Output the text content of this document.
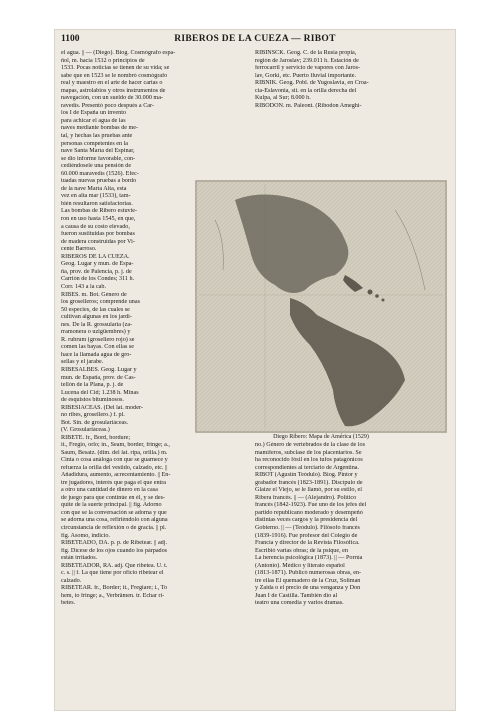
1100	RIBEROS DE LA CUEZA — RIBOT
el agua. || — (Diego). Biog. Cosmógrafo espa-
ñol, m. hacia 1532 o principios de
1533. Pocas noticias se tienen de su vida; se
sabe que en 1523 se le nombró cosmógrafo
real y maestro en el arte de hacer cartas o
mapas, astrolabios y otros instrumentos de
navegación, con un sueldo de 30.000 ma-
ravedís. Presentó poco después a Car-
los I de España un invento
para achicar el agua de las
naves mediante bombas de me-
tal, y hechas las pruebas ante
personas competentes en la
nave Santa María del Espinar,
se dio informe favorable, con-
cediéndosele una pensión de
60.000 maravedís (1526). Efec-
tuadas nuevas pruebas a bordo
de la nave María Alta, esta
vez en alta mar (1533), tam-
bién resultaron satisfactorias.
Las bombas de Ribero estuvie-
ron en uso hasta 1545, en que,
a causa de su costo elevado,
fueron sustituidas por bombas
de madera construidas por Vi-
cente Barroso.
RIBEROS DE LA CUEZA.
Geog. Lugar y mun. de Espa-
ña, prov. de Palencia, p. j. de
Carrión de los Condes; 311 h.
Corr. 143 a la cab.
RIBES. m. Bot. Género de
los groselleros; comprende unas
50 especies, de las cuales se
cultivan algunas en los jardi-
nes. De la R. grossularia (za-
rramonera o uzigüembres) y
R. rubrum (grosellero rojo) se
comen las bayas. Con ellas se
hace la llamada agua de gro-
sellas y el jarabe.
RIBESALBES. Geog. Lugar y
mun. de España, prov. de Cas-
tellón de la Plana, p. j. de
Lucena del Cid; 1.238 h. Minas
de esquistos bituminosos.
RIBESIÁCEAS. (Del lat. moder-
no ribes, grosellero.) f. pl.
Bot. Sin. de grosulariáceas.
(V. Grosulariáceas.)
RIBETE. fr., Bord, bordure;
RIBINSCK. Geog. C. de la Rusia propia,
región de Jaroslav; 239.011 h. Estación de
ferrocarril y servicio de vapores con Jaros-
lav, Gorki, etc. Puerto fluvial importante.
RIBNIK. Geog. Pobl. de Yugoslavia, en Croa-
cia-Eslavonia, sit. en la orilla derecha del
Kulpa, al Sur; 8.000 h.
RIBODON. m. Paleont. (Ribodon Ameghi-
Diego Ribero: Mapa de América (1529)
it., Fregio, orlo; in., Seam, border, fringe; a.,
Saum, Besatz. (dim. del lat. ripa, orilla.) m.
Cinta o cosa análoga con que se guarnece y
refuerza la orilla del vestido, calzado, etc. ||
Añadidura, aumento, acrecentamiento. || En-
tre jugadores, interés que paga el que entra
a otro una cantidad de dinero en la casa
de juego para que continúe en él, y se des-
quite de la suerte principal. || fig. Adorno
con que se la conversación se adorna y que
se adorna una cosa, refiriéndolo con alguna
circunstancia de reflexión o de gracia. || pl.
fig. Asomo, indicio.
RIBETEADO, DA. p. p. de Ribetear. || adj.
fig. Dícese de los ojos cuando los párpados
están irritados.
RIBETEADOR, RA. adj. Que ribetea. U. t.
c. s. || f. La que tiene por oficio ribetear el
calzado.
RIBETEAR. fr., Border; it., Fregiare; i., To
hem, to fringe; a., Verbrämen. tr. Echar ri-
betes.
no.) Género de vertebrados de la clase de los
mamíferos, subclase de los placentarios. Se
ha reconocido fósil en los tufos patagónicos
correspondientes al terciario de Argentina.
RIBOT (Agustín Teódulo). Biog. Pintor y
grabador francés (1823-1891). Discípulo de
Glaize el Viejo, se le llamó, por su estilo, el
Ribera francés. || — (Alejandro). Político
francés (1842-1923). Fue uno de los jefes del
partido republicano moderado y desempeñó
distintas veces cargos y la presidencia del
Gobierno. || — (Teódulo). Filósofo francés
(1839-1916). Fue profesor del Colegio de
Francia y director de la Revista Filosófica.
Escribió varias obras; de la psique, en
La herencia psicológica (1873). || — Porrúa
(Antonio). Médico y literato español
(1813-1871). Publicó numerosas obras, en-
tre ellas El quemadero de la Cruz, Soliman
y Zaida o el precio de una venganza y Don
Juan I de Castilla. También dio al
teatro una comedia y varios dramas.
